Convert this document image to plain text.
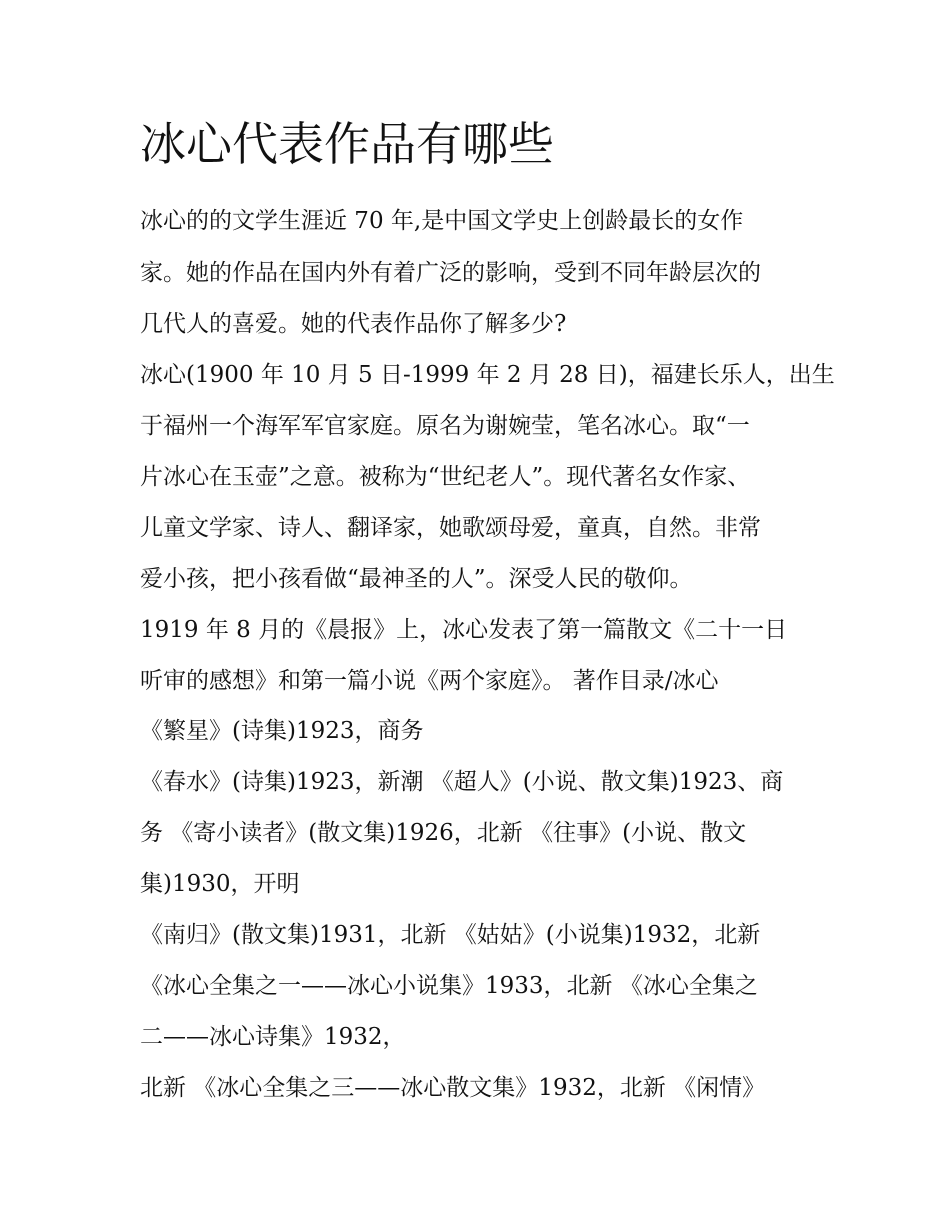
冰心代表作品有哪些

冰心的的文学生涯近 70 年,是中国文学史上创龄最长的女作

家。她的作品在国内外有着广泛的影响，受到不同年龄层次的

几代人的喜爱。她的代表作品你了解多少?

冰心(1900 年 10 月 5 日-1999 年 2 月 28 日)，福建长乐人，出生

于福州一个海军军官家庭。原名为谢婉莹，笔名冰心。取“一

片冰心在玉壶”之意。被称为“世纪老人”。现代著名女作家、

儿童文学家、诗人、翻译家，她歌颂母爱，童真，自然。非常

爱小孩，把小孩看做“最神圣的人”。深受人民的敬仰。

1919 年 8 月的《晨报》上，冰心发表了第一篇散文《二十一日

听审的感想》和第一篇小说《两个家庭》。 著作目录/冰心

《繁星》(诗集)1923，商务

《春水》(诗集)1923，新潮 《超人》(小说、散文集)1923、商

务 《寄小读者》(散文集)1926，北新 《往事》(小说、散文

集)1930，开明

《南归》(散文集)1931，北新 《姑姑》(小说集)1932，北新

《冰心全集之一——冰心小说集》1933，北新 《冰心全集之

二——冰心诗集》1932，

北新 《冰心全集之三——冰心散文集》1932，北新 《闲情》
